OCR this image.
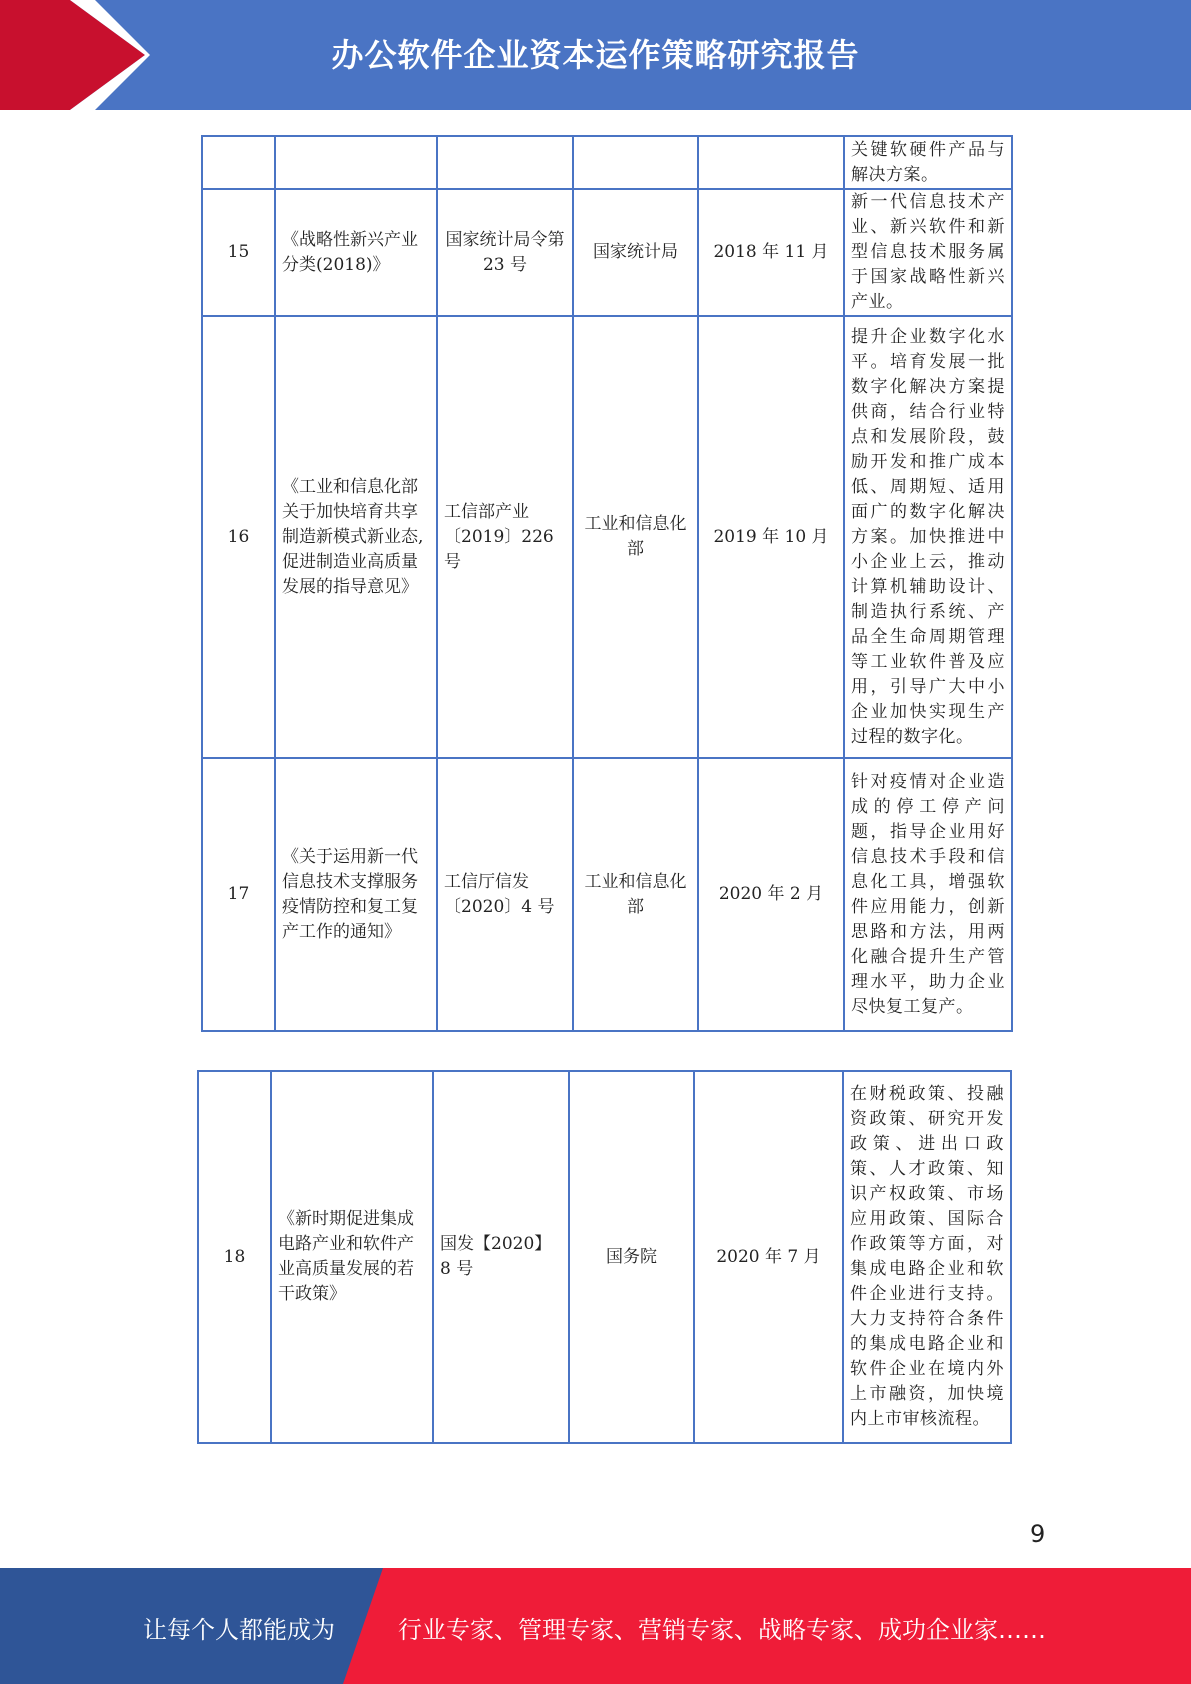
办公软件企业资本运作策略研究报告
					关键软硬件产品与解决方案。
15	《战略性新兴产业分类(2018)》	国家统计局令第 23 号	国家统计局	2018 年 11 月	新一代信息技术产业、新兴软件和新型信息技术服务属于国家战略性新兴产业。
16	《工业和信息化部关于加快培育共享制造新模式新业态,促进制造业高质量发展的指导意见》	工信部产业〔2019〕226 号	工业和信息化部	2019 年 10 月	提升企业数字化水平。培育发展一批数字化解决方案提供商，结合行业特点和发展阶段，鼓励开发和推广成本低、周期短、适用面广的数字化解决方案。加快推进中小企业上云，推动计算机辅助设计、制造执行系统、产品全生命周期管理等工业软件普及应用，引导广大中小企业加快实现生产过程的数字化。
17	《关于运用新一代信息技术支撑服务疫情防控和复工复产工作的通知》	工信厅信发〔2020〕4 号	工业和信息化部	2020 年 2 月	针对疫情对企业造成的停工停产问题，指导企业用好信息技术手段和信息化工具，增强软件应用能力，创新思路和方法，用两化融合提升生产管理水平，助力企业尽快复工复产。
18	《新时期促进集成电路产业和软件产业高质量发展的若干政策》	国发【2020】8 号	国务院	2020 年 7 月	在财税政策、投融资政策、研究开发政策、进出口政策、人才政策、知识产权政策、市场应用政策、国际合作政策等方面，对集成电路企业和软件企业进行支持。大力支持符合条件的集成电路企业和软件企业在境内外上市融资，加快境内上市审核流程。
9
让每个人都能成为	行业专家、管理专家、营销专家、战略专家、成功企业家……
